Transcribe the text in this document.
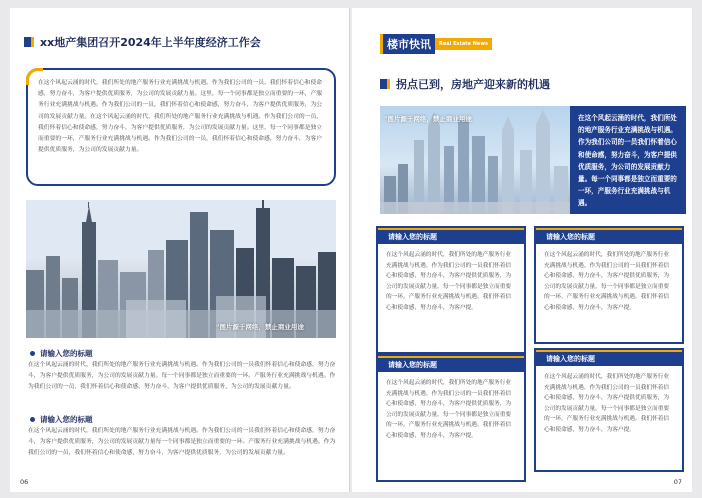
xx地产集团召开2024年上半年度经济工作会

在这个风起云涌的时代，我们所处的地产服务行业充满挑战与机遇。作为我们公司的一员，我们怀着信心和使命感，努力奋斗，为客户提供优质服务，为公司的发展贡献力量。这里，每一个同事都是独立而重要的一环，产服务行业充满挑战与机遇。作为我们公司的一员，我们怀着信心和使命感，努力奋斗，为客户提供优质服务，为公司的发展贡献力量。在这个风起云涌的时代，我们所处的地产服务行业充满挑战与机遇。作为我们公司的一员，我们怀着信心和使命感，努力奋斗，为客户提供优质服务，为公司的发展贡献力量。这里，每一个同事都是独立而重要的一环，产服务行业充满挑战与机遇。作为我们公司的一员，我们怀着信心和使命感，努力奋斗，为客户提供优质服务，为公司的发展贡献力量。

"图片源于网络，禁止商业用途
请输入您的标题

在这个风起云涌的时代，我们所处的地产服务行业充满挑战与机遇。作为我们公司的一员我们怀着信心和使命感，努力奋斗，为客户提供优质服务，为公司的发展贡献力量。每一个同事都是独立而重要的一环。产服务行业充满挑战与机遇。作为我们公司的一员，我们怀着信心和使命感，努力奋斗，为客户提供优质服务，为公司的发展贡献力量。

请输入您的标题

在这个风起云涌的时代，我们所处的地产服务行业充满挑战与机遇。作为我们公司的一员我们怀着信心和使命感，努力奋斗，为客户提供优质服务，为公司的发展贡献力量每一个同事都是独立而重要的一环。产服务行业充满挑战与机遇。作为我们公司的一员，我们怀着信心和使命感，努力奋斗，为客户提供优质服务，为公司的发展贡献力量。

06
楼市快讯	Real Estate News
拐点已到，房地产迎来新的机遇
"图片源于网络，禁止商业用途	在这个风起云涌的时代，我们所处的地产服务行业充满挑战与机遇。作为我们公司的一员我们怀着信心和使命感，努力奋斗，为客户提供优质服务，为公司的发展贡献力量。每一个同事都是独立而重要的一环，产服务行业充满挑战与机遇。

请输入您的标题

在这个风起云涌的时代，我们所处的地产服务行业充满挑战与机遇。作为我们公司的一员我们怀着信心和使命感，努力奋斗，为客户提供优质服务，为公司的发展贡献力量。每一个同事都是独立而重要的一环。产服务行业充满挑战与机遇。我们怀着信心和使命感，努力奋斗，为客户提。

请输入您的标题

在这个风起云涌的时代，我们所处的地产服务行业充满挑战与机遇。作为我们公司的一员我们怀着信心和使命感，努力奋斗，为客户提供优质服务，为公司的发展贡献力量。每一个同事都是独立而重要的一环。产服务行业充满挑战与机遇。我们怀着信心和使命感，努力奋斗，为客户提。

请输入您的标题

在这个风起云涌的时代，我们所处的地产服务行业充满挑战与机遇。作为我们公司的一员我们怀着信心和使命感，努力奋斗，为客户提供优质服务，为公司的发展贡献力量。每一个同事都是独立而重要的一环。产服务行业充满挑战与机遇。我们怀着信心和使命感，努力奋斗，为客户提。

请输入您的标题

在这个风起云涌的时代，我们所处的地产服务行业充满挑战与机遇。作为我们公司的一员我们怀着信心和使命感，努力奋斗，为客户提供优质服务，为公司的发展贡献力量。每一个同事都是独立而重要的一环。产服务行业充满挑战与机遇。我们怀着信心和使命感，努力奋斗，为客户提。

07
